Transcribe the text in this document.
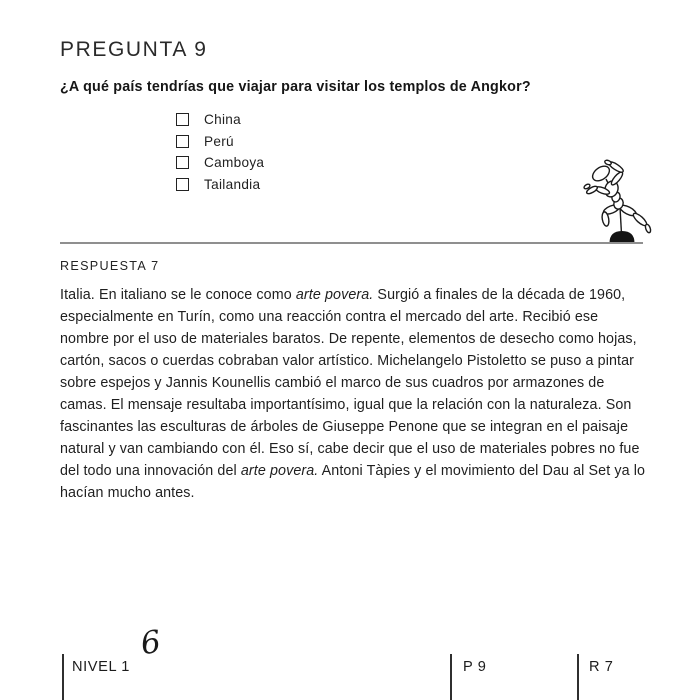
PREGUNTA 9
¿A qué país tendrías que viajar para visitar los templos de Angkor?
China
Perú
Camboya
Tailandia
RESPUESTA 7

Italia. En italiano se le conoce como arte povera. Surgió a finales de la década de 1960, especialmente en Turín, como una reacción contra el mercado del arte. Recibió ese nombre por el uso de materiales baratos. De repente, elementos de desecho como hojas, cartón, sacos o cuerdas cobraban valor artístico. Michelangelo Pistoletto se puso a pintar sobre espejos y Jannis Kounellis cambió el marco de sus cuadros por armazones de camas. El mensaje resultaba importantísimo, igual que la relación con la naturaleza. Son fascinantes las esculturas de árboles de Giuseppe Penone que se integran en el paisaje natural y van cambiando con él. Eso sí, cabe decir que el uso de materiales pobres no fue del todo una innovación del arte povera. Antoni Tàpies y el movimiento del Dau al Set ya lo hacían mucho antes.

NIVEL 1
6
P 9	R 7
